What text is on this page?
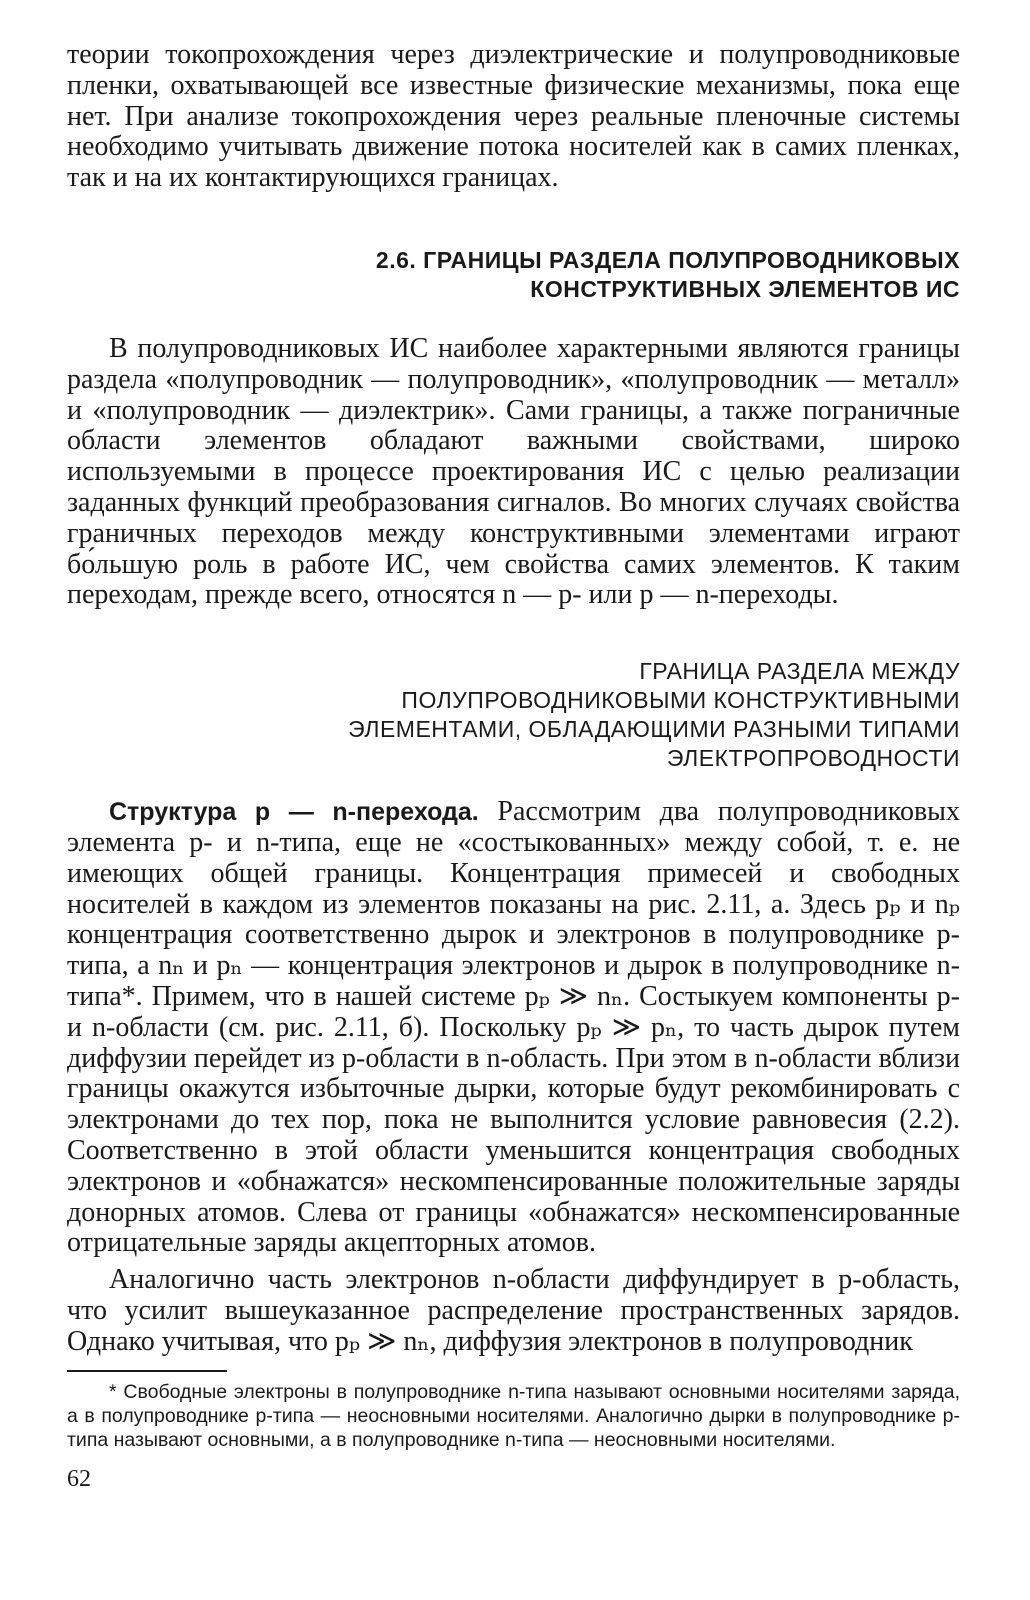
теории токопрохождения через диэлектрические и полупроводниковые пленки, охватывающей все известные физические механизмы, пока еще нет. При анализе токопрохождения через реальные пленочные системы необходимо учитывать движение потока носителей как в самих пленках, так и на их контактирующихся границах.

2.6. ГРАНИЦЫ РАЗДЕЛА ПОЛУПРОВОДНИКОВЫХ
КОНСТРУКТИВНЫХ ЭЛЕМЕНТОВ ИС

В полупроводниковых ИС наиболее характерными являются границы раздела «полупроводник — полупроводник», «полупроводник — металл» и «полупроводник — диэлектрик». Сами границы, а также пограничные области элементов обладают важными свойствами, широко используемыми в процессе проектирования ИС с целью реализации заданных функций преобразования сигналов. Во многих случаях свойства граничных переходов между конструктивными элементами играют бо́льшую роль в работе ИС, чем свойства самих элементов. К таким переходам, прежде всего, относятся n — p- или p — n-переходы.

ГРАНИЦА РАЗДЕЛА МЕЖДУ
ПОЛУПРОВОДНИКОВЫМИ КОНСТРУКТИВНЫМИ
ЭЛЕМЕНТАМИ, ОБЛАДАЮЩИМИ РАЗНЫМИ ТИПАМИ
ЭЛЕКТРОПРОВОДНОСТИ

Структура p — n-перехода. Рассмотрим два полупроводниковых элемента p- и n-типа, еще не «состыкованных» между собой, т. е. не имеющих общей границы. Концентрация примесей и свободных носителей в каждом из элементов показаны на рис. 2.11, а. Здесь pₚ и nₚ концентрация соответственно дырок и электронов в полупроводнике p-типа, а nₙ и pₙ — концентрация электронов и дырок в полупроводнике n-типа*. Примем, что в нашей системе pₚ ≫ nₙ. Состыкуем компоненты p- и n-области (см. рис. 2.11, б). Поскольку pₚ ≫ pₙ, то часть дырок путем диффузии перейдет из p-области в n-область. При этом в n-области вблизи границы окажутся избыточные дырки, которые будут рекомбинировать с электронами до тех пор, пока не выполнится условие равновесия (2.2). Соответственно в этой области уменьшится концентрация свободных электронов и «обнажатся» нескомпенсированные положительные заряды донорных атомов. Слева от границы «обнажатся» нескомпенсированные отрицательные заряды акцепторных атомов.

Аналогично часть электронов n-области диффундирует в p-область, что усилит вышеуказанное распределение пространственных зарядов. Однако учитывая, что pₚ ≫ nₙ, диффузия электронов в полупроводник

* Свободные электроны в полупроводнике n-типа называют основными носителями заряда, а в полупроводнике p-типа — неосновными носителями. Аналогично дырки в полупроводнике p-типа называют основными, а в полупроводнике n-типа — неосновными носителями.

62
